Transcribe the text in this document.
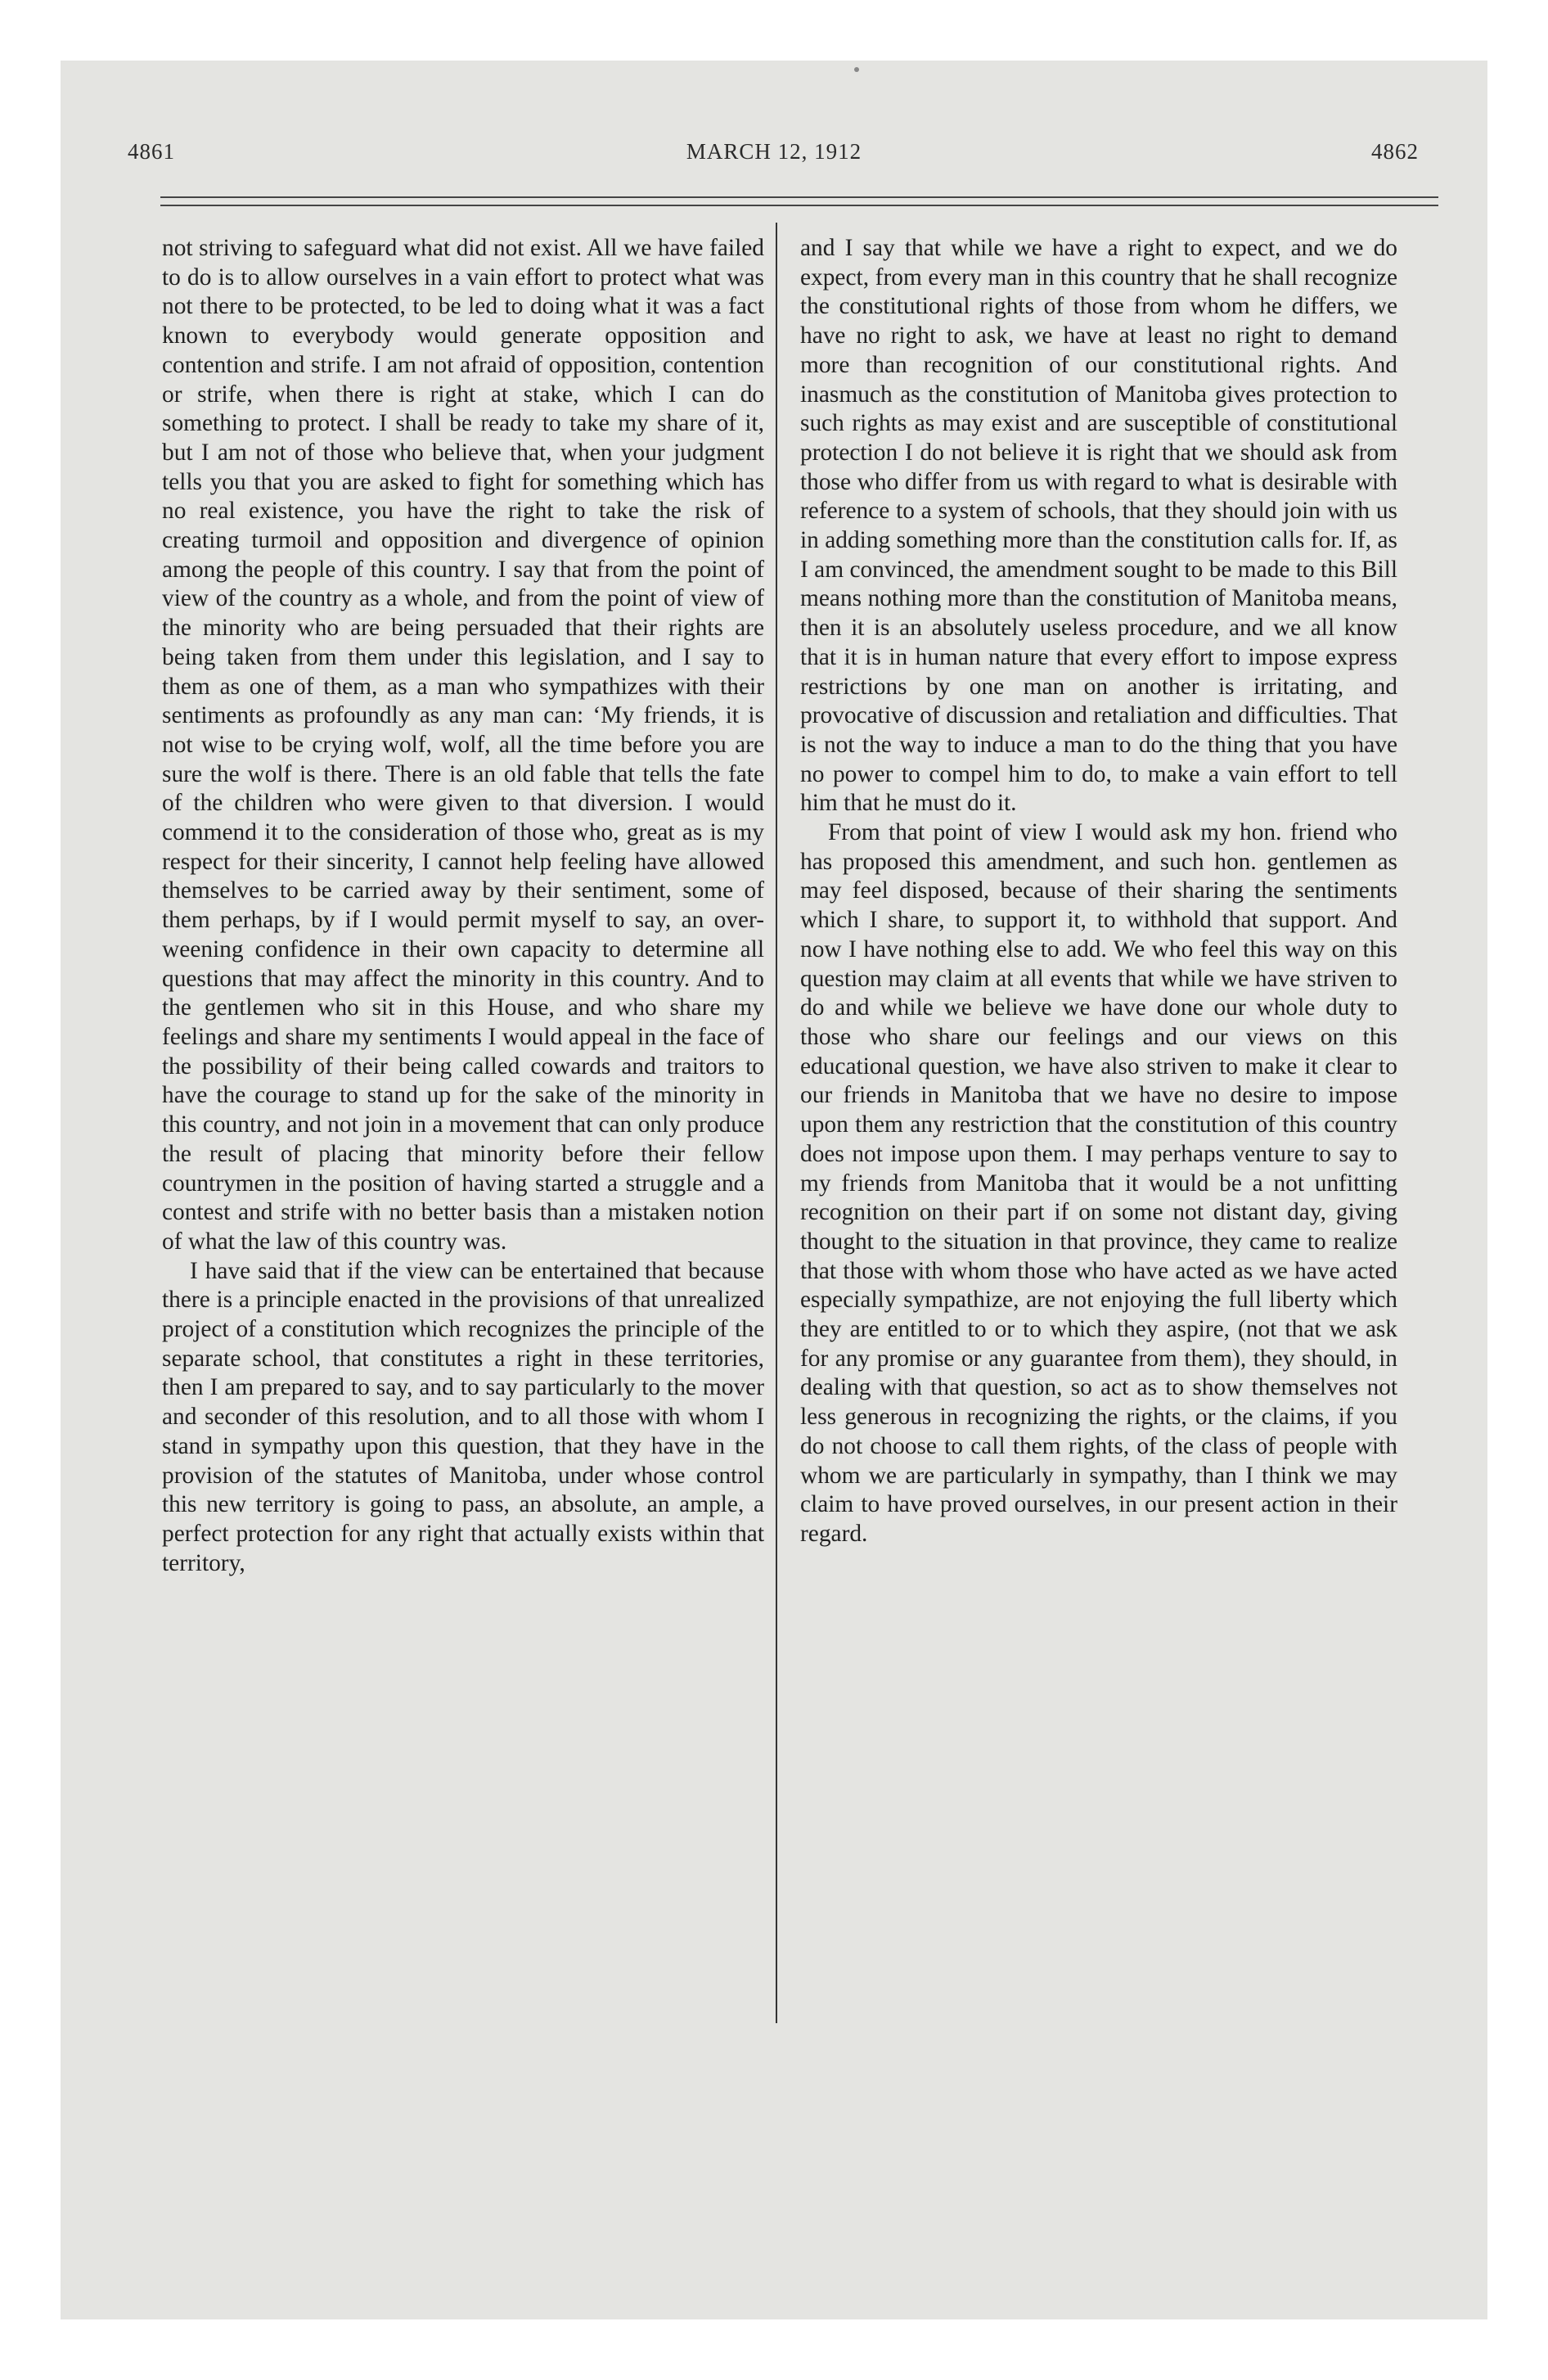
4861	MARCH 12, 1912	4862

not striving to safeguard what did not exist. All we have failed to do is to allow ourselves in a vain effort to protect what was not there to be protected, to be led to doing what it was a fact known to everybody would generate opposition and contention and strife. I am not afraid of opposition, contention or strife, when there is right at stake, which I can do something to protect. I shall be ready to take my share of it, but I am not of those who believe that, when your judgment tells you that you are asked to fight for something which has no real existence, you have the right to take the risk of creating turmoil and opposition and divergence of opinion among the people of this country. I say that from the point of view of the country as a whole, and from the point of view of the minority who are being persuaded that their rights are being taken from them under this legislation, and I say to them as one of them, as a man who sympathizes with their sentiments as profoundly as any man can: ‘My friends, it is not wise to be crying wolf, wolf, all the time before you are sure the wolf is there. There is an old fable that tells the fate of the children who were given to that diversion. I would commend it to the consideration of those who, great as is my respect for their sincerity, I cannot help feeling have allowed themselves to be carried away by their sentiment, some of them perhaps, by if I would permit myself to say, an over-weening confidence in their own capacity to determine all questions that may affect the minority in this country. And to the gentlemen who sit in this House, and who share my feelings and share my sentiments I would appeal in the face of the possibility of their being called cowards and traitors to have the courage to stand up for the sake of the minority in this country, and not join in a movement that can only produce the result of placing that minority before their fellow countrymen in the position of having started a struggle and a contest and strife with no better basis than a mistaken notion of what the law of this country was.

I have said that if the view can be entertained that because there is a principle enacted in the provisions of that unrealized project of a constitution which recognizes the principle of the separate school, that constitutes a right in these territories, then I am prepared to say, and to say particularly to the mover and seconder of this resolution, and to all those with whom I stand in sympathy upon this question, that they have in the provision of the statutes of Manitoba, under whose control this new territory is going to pass, an absolute, an ample, a perfect protection for any right that actually exists within that territory,

and I say that while we have a right to expect, and we do expect, from every man in this country that he shall recognize the constitutional rights of those from whom he differs, we have no right to ask, we have at least no right to demand more than recognition of our constitutional rights. And inasmuch as the constitution of Manitoba gives protection to such rights as may exist and are susceptible of constitutional protection I do not believe it is right that we should ask from those who differ from us with regard to what is desirable with reference to a system of schools, that they should join with us in adding something more than the constitution calls for. If, as I am convinced, the amendment sought to be made to this Bill means nothing more than the constitution of Manitoba means, then it is an absolutely useless procedure, and we all know that it is in human nature that every effort to impose express restrictions by one man on another is irritating, and provocative of discussion and retaliation and difficulties. That is not the way to induce a man to do the thing that you have no power to compel him to do, to make a vain effort to tell him that he must do it.

From that point of view I would ask my hon. friend who has proposed this amendment, and such hon. gentlemen as may feel disposed, because of their sharing the sentiments which I share, to support it, to withhold that support. And now I have nothing else to add. We who feel this way on this question may claim at all events that while we have striven to do and while we believe we have done our whole duty to those who share our feelings and our views on this educational question, we have also striven to make it clear to our friends in Manitoba that we have no desire to impose upon them any restriction that the constitution of this country does not impose upon them. I may perhaps venture to say to my friends from Manitoba that it would be a not unfitting recognition on their part if on some not distant day, giving thought to the situation in that province, they came to realize that those with whom those who have acted as we have acted especially sympathize, are not enjoying the full liberty which they are entitled to or to which they aspire, (not that we ask for any promise or any guarantee from them), they should, in dealing with that question, so act as to show themselves not less generous in recognizing the rights, or the claims, if you do not choose to call them rights, of the class of people with whom we are particularly in sympathy, than I think we may claim to have proved ourselves, in our present action in their regard.
